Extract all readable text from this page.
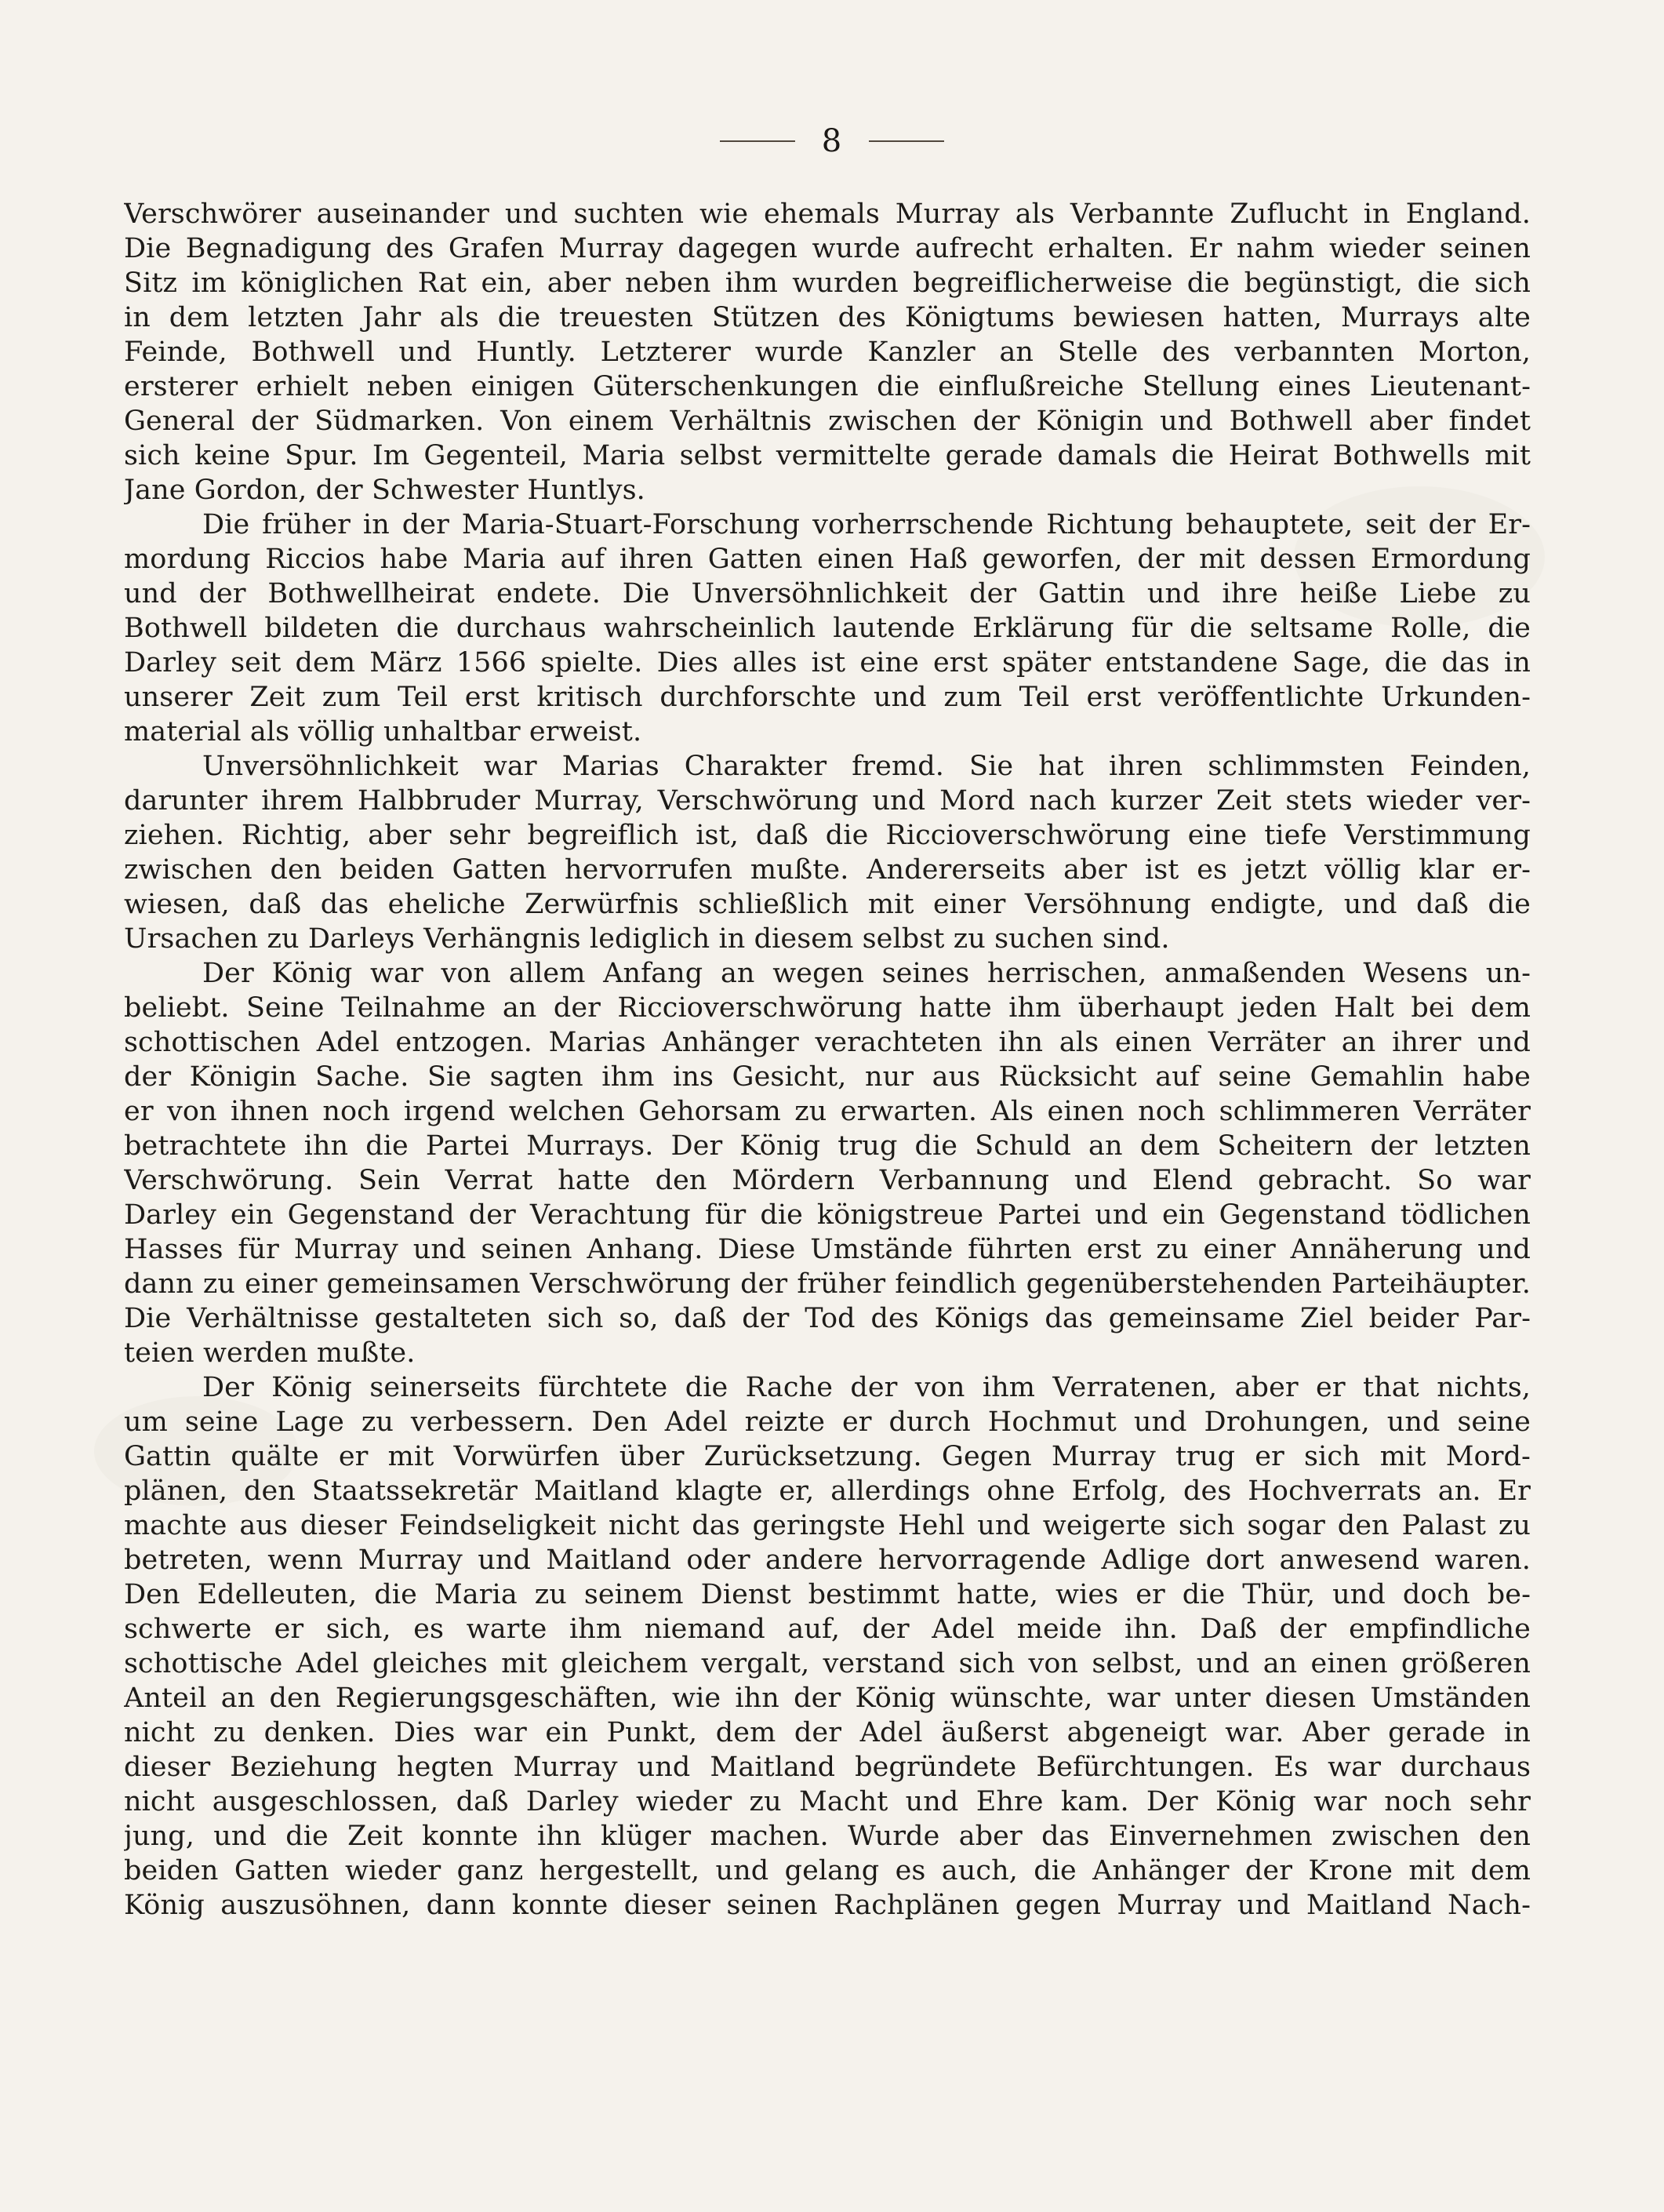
8
Verschwörer auseinander und suchten wie ehemals Murray als Verbannte Zuflucht in England.
Die Begnadigung des Grafen Murray dagegen wurde aufrecht erhalten. Er nahm wieder seinen
Sitz im königlichen Rat ein, aber neben ihm wurden begreiflicherweise die begünstigt, die sich
in dem letzten Jahr als die treuesten Stützen des Königtums bewiesen hatten, Murrays alte
Feinde, Bothwell und Huntly. Letzterer wurde Kanzler an Stelle des verbannten Morton,
ersterer erhielt neben einigen Güterschenkungen die einflußreiche Stellung eines Lieutenant-
General der Südmarken. Von einem Verhältnis zwischen der Königin und Bothwell aber findet
sich keine Spur. Im Gegenteil, Maria selbst vermittelte gerade damals die Heirat Bothwells mit
Jane Gordon, der Schwester Huntlys.
Die früher in der Maria-Stuart-Forschung vorherrschende Richtung behauptete, seit der Er-
mordung Riccios habe Maria auf ihren Gatten einen Haß geworfen, der mit dessen Ermordung
und der Bothwellheirat endete. Die Unversöhnlichkeit der Gattin und ihre heiße Liebe zu
Bothwell bildeten die durchaus wahrscheinlich lautende Erklärung für die seltsame Rolle, die
Darley seit dem März 1566 spielte. Dies alles ist eine erst später entstandene Sage, die das in
unserer Zeit zum Teil erst kritisch durchforschte und zum Teil erst veröffentlichte Urkunden-
material als völlig unhaltbar erweist.
Unversöhnlichkeit war Marias Charakter fremd. Sie hat ihren schlimmsten Feinden,
darunter ihrem Halbbruder Murray, Verschwörung und Mord nach kurzer Zeit stets wieder ver-
ziehen. Richtig, aber sehr begreiflich ist, daß die Riccioverschwörung eine tiefe Verstimmung
zwischen den beiden Gatten hervorrufen mußte. Andererseits aber ist es jetzt völlig klar er-
wiesen, daß das eheliche Zerwürfnis schließlich mit einer Versöhnung endigte, und daß die
Ursachen zu Darleys Verhängnis lediglich in diesem selbst zu suchen sind.
Der König war von allem Anfang an wegen seines herrischen, anmaßenden Wesens un-
beliebt. Seine Teilnahme an der Riccioverschwörung hatte ihm überhaupt jeden Halt bei dem
schottischen Adel entzogen. Marias Anhänger verachteten ihn als einen Verräter an ihrer und
der Königin Sache. Sie sagten ihm ins Gesicht, nur aus Rücksicht auf seine Gemahlin habe
er von ihnen noch irgend welchen Gehorsam zu erwarten. Als einen noch schlimmeren Verräter
betrachtete ihn die Partei Murrays. Der König trug die Schuld an dem Scheitern der letzten
Verschwörung. Sein Verrat hatte den Mördern Verbannung und Elend gebracht. So war
Darley ein Gegenstand der Verachtung für die königstreue Partei und ein Gegenstand tödlichen
Hasses für Murray und seinen Anhang. Diese Umstände führten erst zu einer Annäherung und
dann zu einer gemeinsamen Verschwörung der früher feindlich gegenüberstehenden Parteihäupter.
Die Verhältnisse gestalteten sich so, daß der Tod des Königs das gemeinsame Ziel beider Par-
teien werden mußte.
Der König seinerseits fürchtete die Rache der von ihm Verratenen, aber er that nichts,
um seine Lage zu verbessern. Den Adel reizte er durch Hochmut und Drohungen, und seine
Gattin quälte er mit Vorwürfen über Zurücksetzung. Gegen Murray trug er sich mit Mord-
plänen, den Staatssekretär Maitland klagte er, allerdings ohne Erfolg, des Hochverrats an. Er
machte aus dieser Feindseligkeit nicht das geringste Hehl und weigerte sich sogar den Palast zu
betreten, wenn Murray und Maitland oder andere hervorragende Adlige dort anwesend waren.
Den Edelleuten, die Maria zu seinem Dienst bestimmt hatte, wies er die Thür, und doch be-
schwerte er sich, es warte ihm niemand auf, der Adel meide ihn. Daß der empfindliche
schottische Adel gleiches mit gleichem vergalt, verstand sich von selbst, und an einen größeren
Anteil an den Regierungsgeschäften, wie ihn der König wünschte, war unter diesen Umständen
nicht zu denken. Dies war ein Punkt, dem der Adel äußerst abgeneigt war. Aber gerade in
dieser Beziehung hegten Murray und Maitland begründete Befürchtungen. Es war durchaus
nicht ausgeschlossen, daß Darley wieder zu Macht und Ehre kam. Der König war noch sehr
jung, und die Zeit konnte ihn klüger machen. Wurde aber das Einvernehmen zwischen den
beiden Gatten wieder ganz hergestellt, und gelang es auch, die Anhänger der Krone mit dem
König auszusöhnen, dann konnte dieser seinen Rachplänen gegen Murray und Maitland Nach-
